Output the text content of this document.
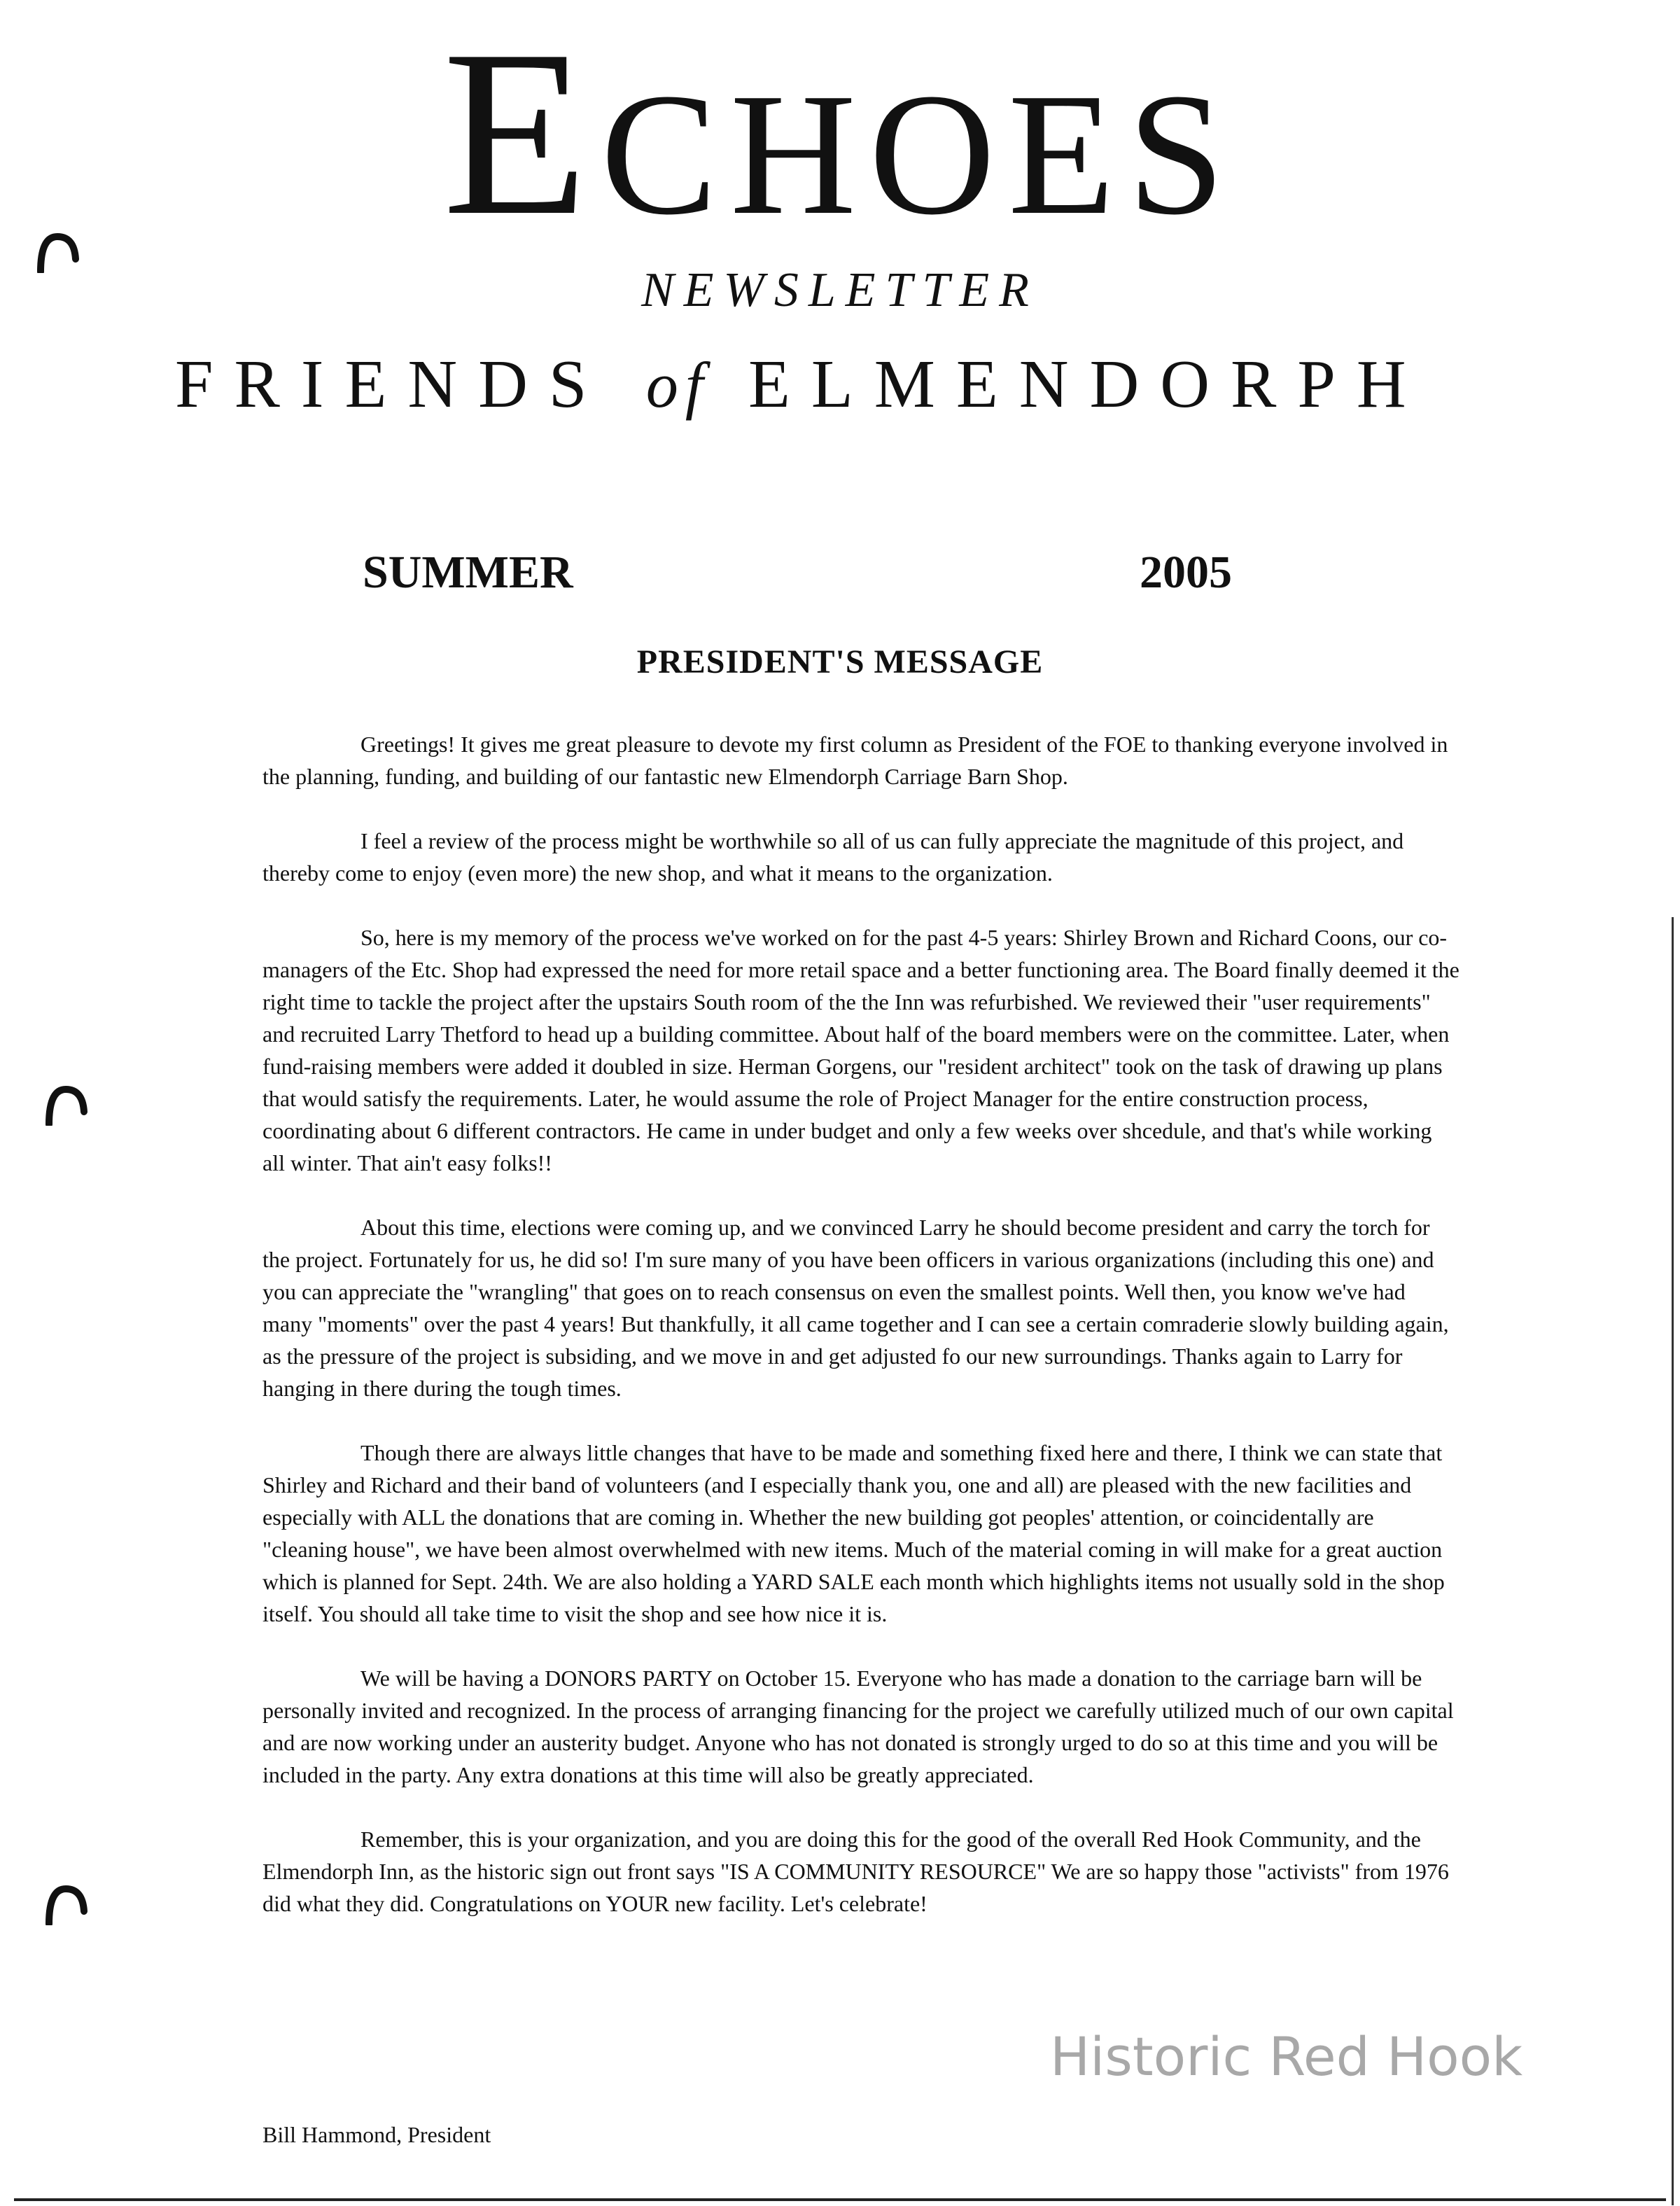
ECHOES
NEWSLETTER
FRIENDS of ELMENDORPH
SUMMER	2005
PRESIDENT'S MESSAGE

Greetings! It gives me great pleasure to devote my first column as President of the FOE to thanking everyone involved in the planning, funding, and building of our fantastic new Elmendorph Carriage Barn Shop.

I feel a review of the process might be worthwhile so all of us can fully appreciate the magnitude of this project, and thereby come to enjoy (even more) the new shop, and what it means to the organization.

So, here is my memory of the process we've worked on for the past 4-5 years: Shirley Brown and Richard Coons, our co-managers of the Etc. Shop had expressed the need for more retail space and a better functioning area. The Board finally deemed it the right time to tackle the project after the upstairs South room of the the Inn was refurbished. We reviewed their "user requirements" and recruited Larry Thetford to head up a building committee. About half of the board members were on the committee. Later, when fund-raising members were added it doubled in size. Herman Gorgens, our "resident architect" took on the task of drawing up plans that would satisfy the requirements. Later, he would assume the role of Project Manager for the entire construction process, coordinating about 6 different contractors. He came in under budget and only a few weeks over shcedule, and that's while working all winter. That ain't easy folks!!

About this time, elections were coming up, and we convinced Larry he should become president and carry the torch for the project. Fortunately for us, he did so! I'm sure many of you have been officers in various organizations (including this one) and you can appreciate the "wrangling" that goes on to reach consensus on even the smallest points. Well then, you know we've had many "moments" over the past 4 years! But thankfully, it all came together and I can see a certain comraderie slowly building again, as the pressure of the project is subsiding, and we move in and get adjusted fo our new surroundings. Thanks again to Larry for hanging in there during the tough times.

Though there are always little changes that have to be made and something fixed here and there, I think we can state that Shirley and Richard and their band of volunteers (and I especially thank you, one and all) are pleased with the new facilities and especially with ALL the donations that are coming in. Whether the new building got peoples' attention, or coincidentally are "cleaning house", we have been almost overwhelmed with new items. Much of the material coming in will make for a great auction which is planned for Sept. 24th. We are also holding a YARD SALE each month which highlights items not usually sold in the shop itself. You should all take time to visit the shop and see how nice it is.

We will be having a DONORS PARTY on October 15. Everyone who has made a donation to the carriage barn will be personally invited and recognized. In the process of arranging financing for the project we carefully utilized much of our own capital and are now working under an austerity budget. Anyone who has not donated is strongly urged to do so at this time and you will be included in the party. Any extra donations at this time will also be greatly appreciated.

Remember, this is your organization, and you are doing this for the good of the overall Red Hook Community, and the Elmendorph Inn, as the historic sign out front says "IS A COMMUNITY RESOURCE" We are so happy those "activists" from 1976 did what they did. Congratulations on YOUR new facility. Let's celebrate!

Bill Hammond, President
Historic Red Hook
